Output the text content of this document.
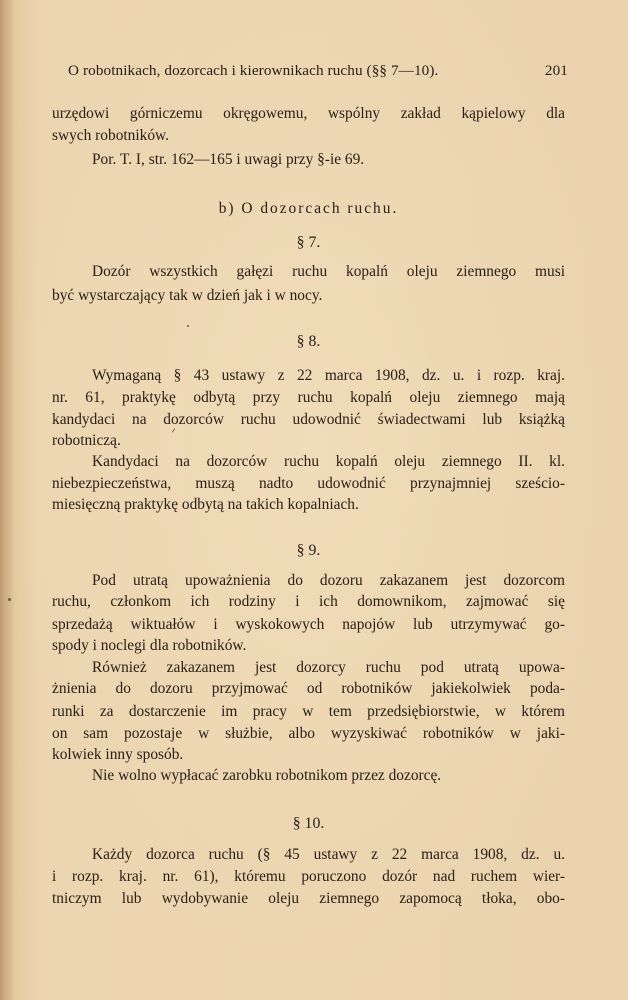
O robotnikach, dozorcach i kierownikach ruchu (§§ 7—10).	201
urzędowi górniczemu okręgowemu, wspólny zakład kąpielowy dla
swych robotników.
Por. T. I, str. 162—165 i uwagi przy §-ie 69.
b) O dozorcach ruchu.
§ 7.
Dozór wszystkich gałęzi ruchu kopalń oleju ziemnego musi
być wystarczający tak w dzień jak i w nocy.
§ 8.
Wymaganą § 43 ustawy z 22 marca 1908, dz. u. i rozp. kraj.
nr. 61, praktykę odbytą przy ruchu kopalń oleju ziemnego mają
kandydaci na dozorców ruchu udowodnić świadectwami lub książką
robotniczą.
Kandydaci na dozorców ruchu kopalń oleju ziemnego II. kl.
niebezpieczeństwa, muszą nadto udowodnić przynajmniej sześcio-
miesięczną praktykę odbytą na takich kopalniach.
§ 9.
Pod utratą upoważnienia do dozoru zakazanem jest dozorcom
ruchu, członkom ich rodziny i ich domownikom, zajmować się
sprzedażą wiktuałów i wyskokowych napojów lub utrzymywać go-
spody i noclegi dla robotników.
Również zakazanem jest dozorcy ruchu pod utratą upowa-
żnienia do dozoru przyjmować od robotników jakiekolwiek poda-
runki za dostarczenie im pracy w tem przedsiębiorstwie, w którem
on sam pozostaje w służbie, albo wyzyskiwać robotników w jaki-
kolwiek inny sposób.
Nie wolno wypłacać zarobku robotnikom przez dozorcę.
§ 10.
Każdy dozorca ruchu (§ 45 ustawy z 22 marca 1908, dz. u.
i rozp. kraj. nr. 61), któremu poruczono dozór nad ruchem wier-
tniczym lub wydobywanie oleju ziemnego zapomocą tłoka, obo-
